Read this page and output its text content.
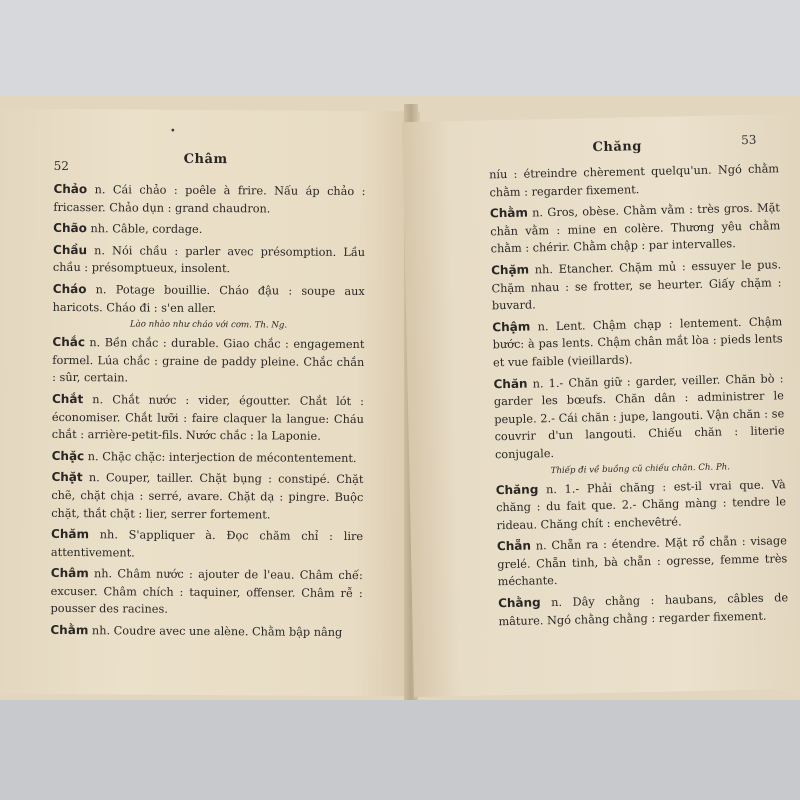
•
52	Châm
Chảo n. Cái chảo : poêle à frire. Nấu áp chảo : fricasser. Chảo dụn : grand chaudron.
Chão nh. Câble, cordage.
Chầu n. Nói chầu : parler avec présomption. Lầu chầu : présomptueux, insolent.
Cháo n. Potage bouillie. Cháo đậu : soupe aux haricots. Cháo đi : s'en aller.
Lào nhào như cháo với cơm. Th. Ng.
Chắc n. Bền chắc : durable. Giao chắc : engagement formel. Lúa chắc : graine de paddy pleine. Chắc chắn : sûr, certain.
Chắt n. Chắt nước : vider, égoutter. Chắt lót : économiser. Chắt lưỡi : faire claquer la langue: Cháu chắt : arrière-petit-fils. Nước chắc : la Laponie.
Chặc n. Chặc chặc: interjection de mécontentement.
Chặt n. Couper, tailler. Chặt bụng : constipé. Chặt chẽ, chặt chịa : serré, avare. Chặt dạ : pingre. Buộc chặt, thắt chặt : lier, serrer fortement.
Chăm nh. S'appliquer à. Đọc chăm chỉ : lire attentivement.
Châm nh. Châm nước : ajouter de l'eau. Châm chế: excuser. Châm chích : taquiner, offenser. Châm rễ : pousser des racines.
Chằm nh. Coudre avec une alène. Chằm bập nâng
53
Chăng
níu : étreindre chèrement quelqu'un. Ngó chằm chằm : regarder fixement.
Chằm n. Gros, obèse. Chằm vằm : très gros. Mặt chằn vằm : mine en colère. Thương yêu chằm chằm : chérir. Chằm chập : par intervalles.
Chặm nh. Etancher. Chặm mủ : essuyer le pus. Chặm nhau : se frotter, se heurter. Giấy chặm : buvard.
Chậm n. Lent. Chậm chạp : lentement. Chậm bước: à pas lents. Chậm chân mắt lòa : pieds lents et vue faible (vieillards).
Chăn n. 1.- Chăn giữ : garder, veiller. Chăn bò : garder les bœufs. Chăn dân : administrer le peuple. 2.- Cái chăn : jupe, langouti. Vận chăn : se couvrir d'un langouti. Chiếu chăn : literie conjugale.
Thiếp đi về buồng cũ chiếu chăn. Ch. Ph.
Chăng n. 1.- Phải chăng : est-il vrai que. Và chăng : du fait que. 2.- Chăng màng : tendre le rideau. Chăng chít : enchevêtré.
Chẵn n. Chẵn ra : étendre. Mặt rổ chẵn : visage grelé. Chẵn tinh, bà chẵn : ogresse, femme très méchante.
Chằng n. Dây chằng : haubans, câbles de mâture. Ngó chằng chằng : regarder fixement.
